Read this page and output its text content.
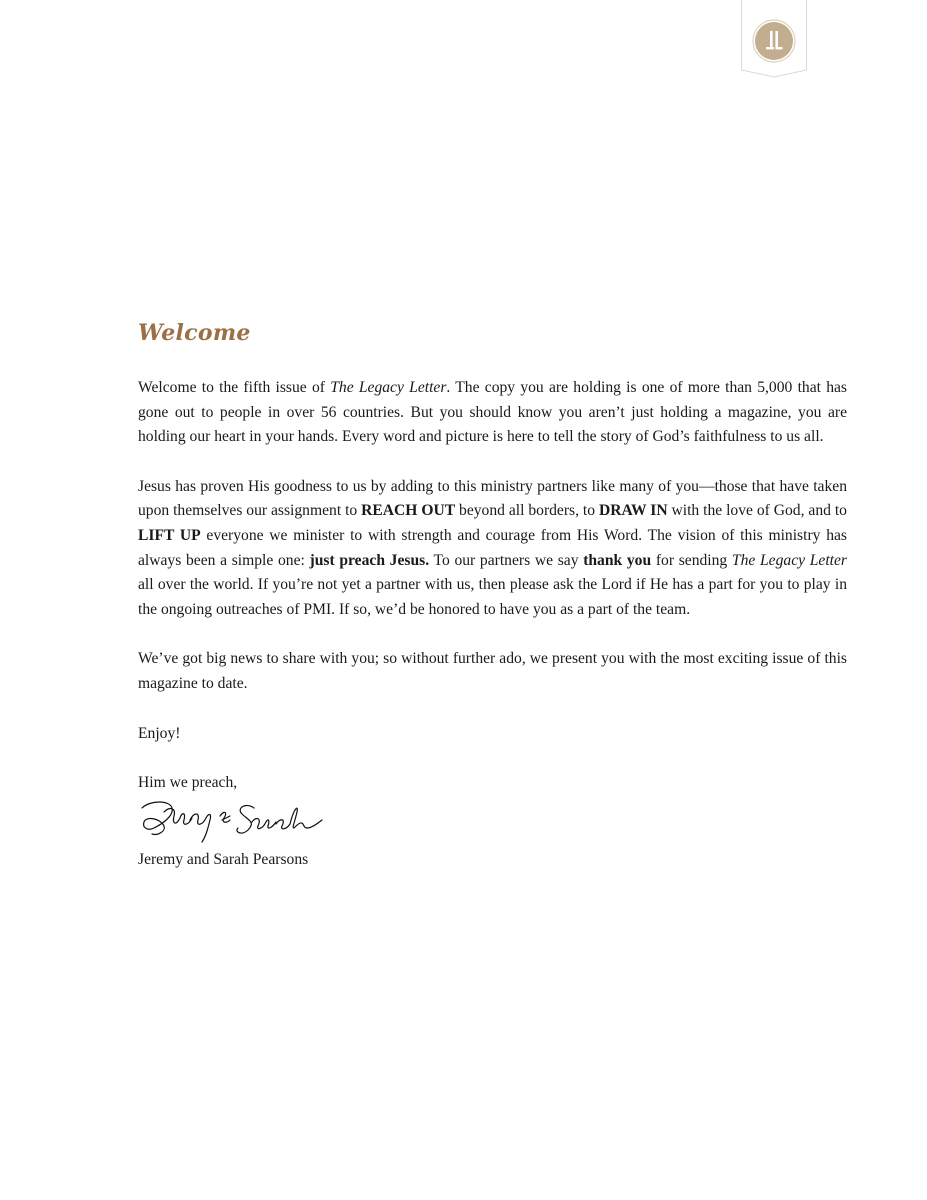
LL
Welcome

Welcome to the fifth issue of The Legacy Letter. The copy you are holding is one of more than 5,000 that has gone out to people in over 56 countries. But you should know you aren’t just holding a magazine, you are holding our heart in your hands. Every word and picture is here to tell the story of God’s faithfulness to us all.

Jesus has proven His goodness to us by adding to this ministry partners like many of you—those that have taken upon themselves our assignment to REACH OUT beyond all borders, to DRAW IN with the love of God, and to LIFT UP everyone we minister to with strength and courage from His Word. The vision of this ministry has always been a simple one: just preach Jesus. To our partners we say thank you for sending The Legacy Letter all over the world. If you’re not yet a partner with us, then please ask the Lord if He has a part for you to play in the ongoing outreaches of PMI. If so, we’d be honored to have you as a part of the team.

We’ve got big news to share with you; so without further ado, we present you with the most exciting issue of this magazine to date.

Enjoy!

Him we preach,
Jeremy and Sarah Pearsons
